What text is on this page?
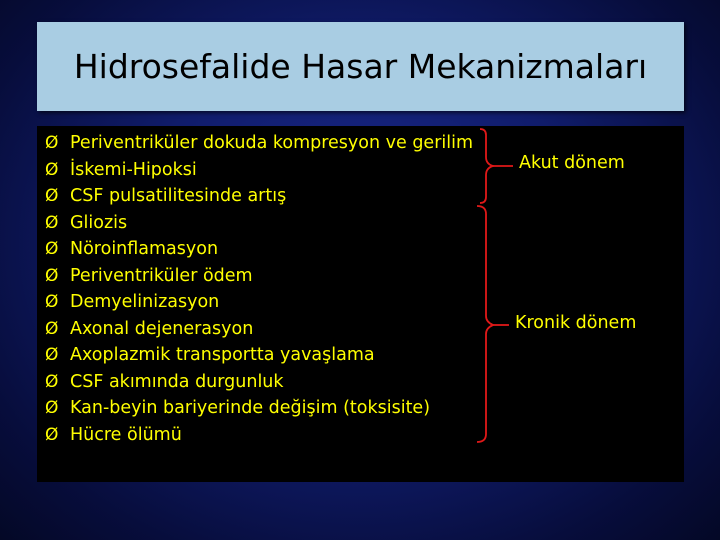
Hidrosefalide Hasar Mekanizmaları
Ø Periventriküler dokuda kompresyon ve gerilim
Ø İskemi-Hipoksi
Ø CSF pulsatilitesinde artış
Ø Gliozis
Ø Nöroinflamasyon
Ø Periventriküler ödem
Ø Demyelinizasyon
Ø Axonal dejenerasyon
Ø Axoplazmik transportta yavaşlama
Ø CSF akımında durgunluk
Ø Kan-beyin bariyerinde değişim (toksisite)
Ø Hücre ölümü
Akut dönem
Kronik dönem
